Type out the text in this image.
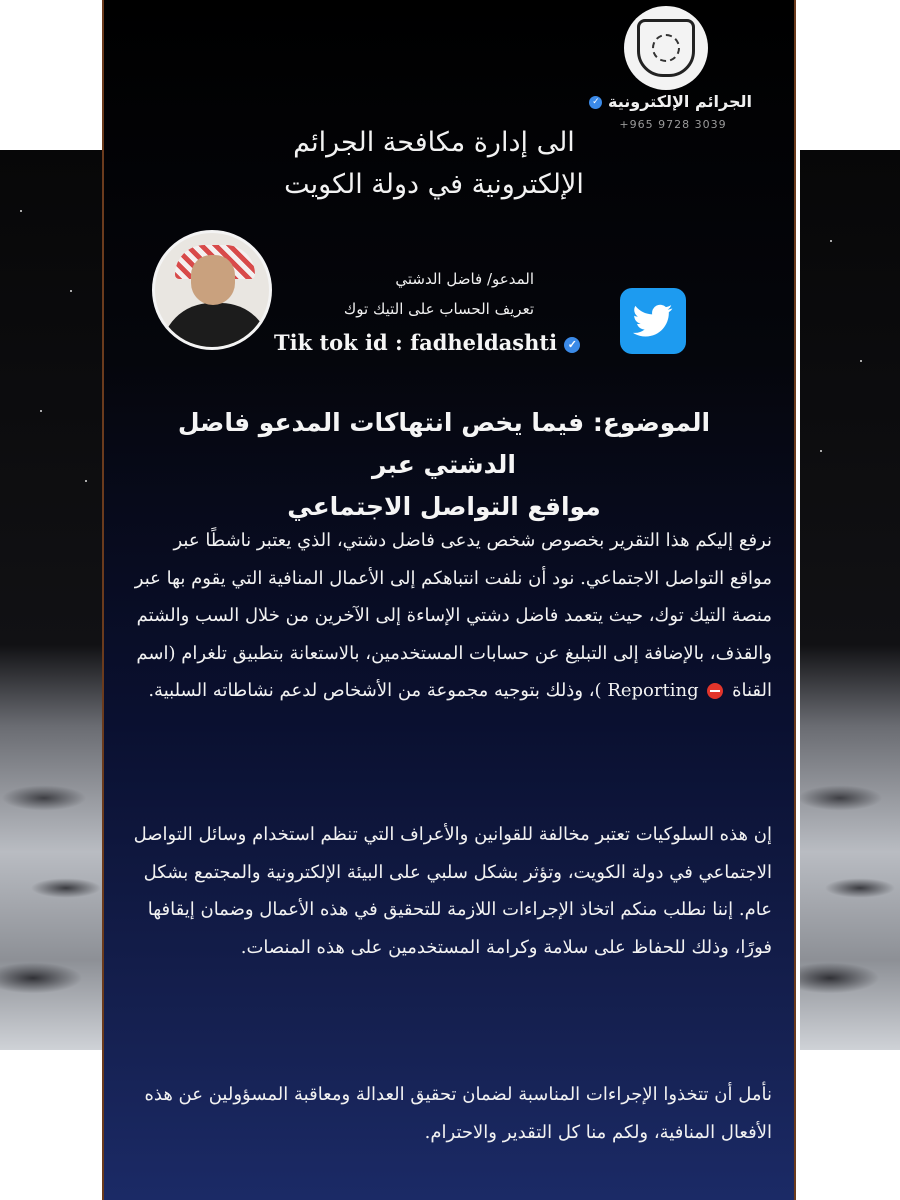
الجرائم الإلكترونية ✓
+965 9728 3039
الى إدارة مكافحة الجرائم
الإلكترونية في دولة الكويت
المدعو/ فاضل الدشتي
تعريف الحساب على التيك توك
Tik tok id : fadheldashti ✓
الموضوع: فيما يخص انتهاكات المدعو فاضل الدشتي عبر
مواقع التواصل الاجتماعي
نرفع إليكم هذا التقرير بخصوص شخص يدعى فاضل دشتي، الذي يعتبر ناشطًا عبر مواقع التواصل الاجتماعي. نود أن نلفت انتباهكم إلى الأعمال المنافية التي يقوم بها عبر منصة التيك توك، حيث يتعمد فاضل دشتي الإساءة إلى الآخرين من خلال السب والشتم والقذف، بالإضافة إلى التبليغ عن حسابات المستخدمين، بالاستعانة بتطبيق تلغرام (اسم القناة  Reporting )، وذلك بتوجيه مجموعة من الأشخاص لدعم نشاطاته السلبية.
إن هذه السلوكيات تعتبر مخالفة للقوانين والأعراف التي تنظم استخدام وسائل التواصل الاجتماعي في دولة الكويت، وتؤثر بشكل سلبي على البيئة الإلكترونية والمجتمع بشكل عام. إننا نطلب منكم اتخاذ الإجراءات اللازمة للتحقيق في هذه الأعمال وضمان إيقافها فورًا، وذلك للحفاظ على سلامة وكرامة المستخدمين على هذه المنصات.
نأمل أن تتخذوا الإجراءات المناسبة لضمان تحقيق العدالة ومعاقبة المسؤولين عن هذه الأفعال المنافية، ولكم منا كل التقدير والاحترام.
